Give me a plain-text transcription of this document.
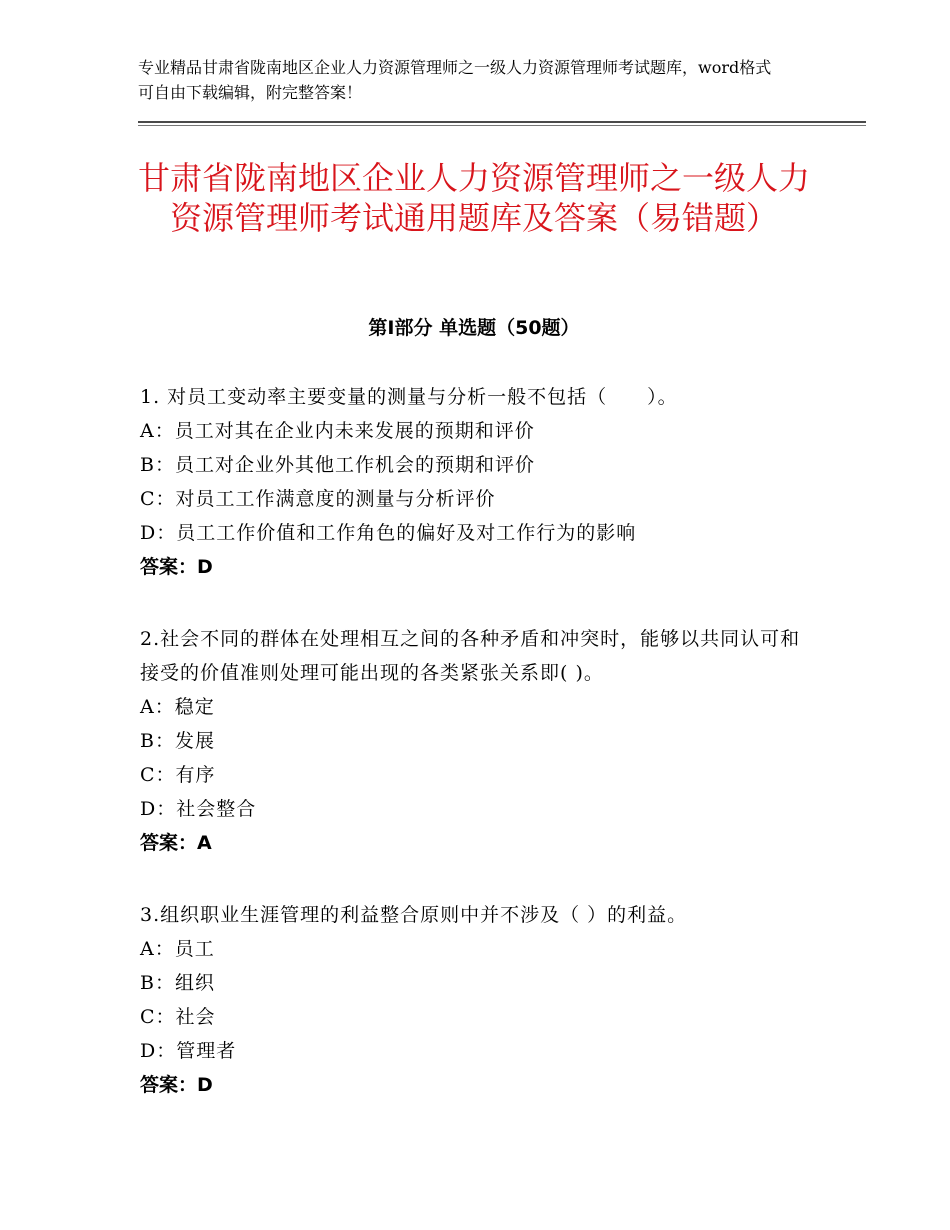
专业精品甘肃省陇南地区企业人力资源管理师之一级人力资源管理师考试题库，word格式可自由下载编辑，附完整答案！
甘肃省陇南地区企业人力资源管理师之一级人力资源管理师考试通用题库及答案（易错题）
第Ⅰ部分 单选题（50题）
1. 对员工变动率主要变量的测量与分析一般不包括（　　）。
A：员工对其在企业内未来发展的预期和评价
B：员工对企业外其他工作机会的预期和评价
C：对员工工作满意度的测量与分析评价
D：员工工作价值和工作角色的偏好及对工作行为的影响
答案：D
2.社会不同的群体在处理相互之间的各种矛盾和冲突时，能够以共同认可和接受的价值准则处理可能出现的各类紧张关系即( )。
A：稳定
B：发展
C：有序
D：社会整合
答案：A
3.组织职业生涯管理的利益整合原则中并不涉及（ ）的利益。
A：员工
B：组织
C：社会
D：管理者
答案：D
